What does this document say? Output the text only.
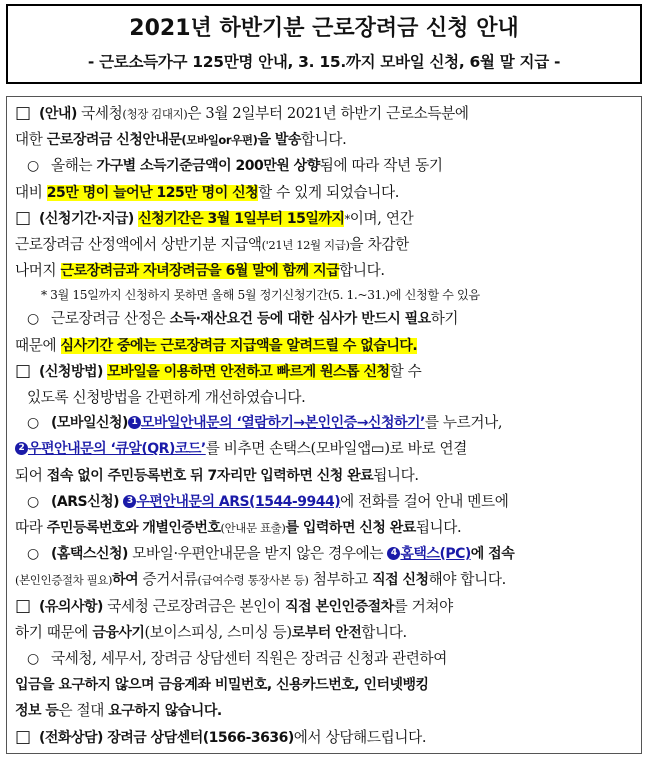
2021년 하반기분 근로장려금 신청 안내
- 근로소득가구 125만명 안내, 3. 15.까지 모바일 신청, 6월 말 지급 -
□ (안내) 국세청(청장 김대지)은 3월 2일부터 2021년 하반기 근로소득분에
대한 근로장려금 신청안내문(모바일or우편)을 발송합니다.
○ 올해는 가구별 소득기준금액이 200만원 상향됨에 따라 작년 동기
대비 25만 명이 늘어난 125만 명이 신청할 수 있게 되었습니다.
□ (신청기간·지급) 신청기간은 3월 1일부터 15일까지*이며, 연간
근로장려금 산정액에서 상반기분 지급액('21년 12월 지급)을 차감한
나머지 근로장려금과 자녀장려금을 6월 말에 함께 지급합니다.
* 3월 15일까지 신청하지 못하면 올해 5월 정기신청기간(5. 1.~31.)에 신청할 수 있음
○ 근로장려금 산정은 소득·재산요건 등에 대한 심사가 반드시 필요하기
때문에 심사기간 중에는 근로장려금 지급액을 알려드릴 수 없습니다.
□ (신청방법) 모바일을 이용하면 안전하고 빠르게 원스톱 신청할 수
있도록 신청방법을 간편하게 개선하였습니다.
○ (모바일신청) 1 모바일안내문의 ‘열람하기→본인인증→신청하기’를 누르거나,
2 우편안내문의 ‘큐알(QR)코드’를 비추면 손택스(모바일앱▭)로 바로 연결
되어 접속 없이 주민등록번호 뒤 7자리만 입력하면 신청 완료됩니다.
○ (ARS신청) 3 우편안내문의 ARS(1544-9944)에 전화를 걸어 안내 멘트에
따라 주민등록번호와 개별인증번호(안내문 표출)를 입력하면 신청 완료됩니다.
○ (홈택스신청) 모바일·우편안내문을 받지 않은 경우에는 4 홈택스(PC)에 접속
(본인인증절차 필요)하여 증거서류(급여수령 통장사본 등) 첨부하고 직접 신청해야 합니다.
□ (유의사항) 국세청 근로장려금은 본인이 직접 본인인증절차를 거쳐야
하기 때문에 금융사기(보이스피싱, 스미싱 등)로부터 안전합니다.
○ 국세청, 세무서, 장려금 상담센터 직원은 장려금 신청과 관련하여
입금을 요구하지 않으며 금융계좌 비밀번호, 신용카드번호, 인터넷뱅킹
정보 등은 절대 요구하지 않습니다.
□ (전화상담) 장려금 상담센터(1566-3636)에서 상담해드립니다.
